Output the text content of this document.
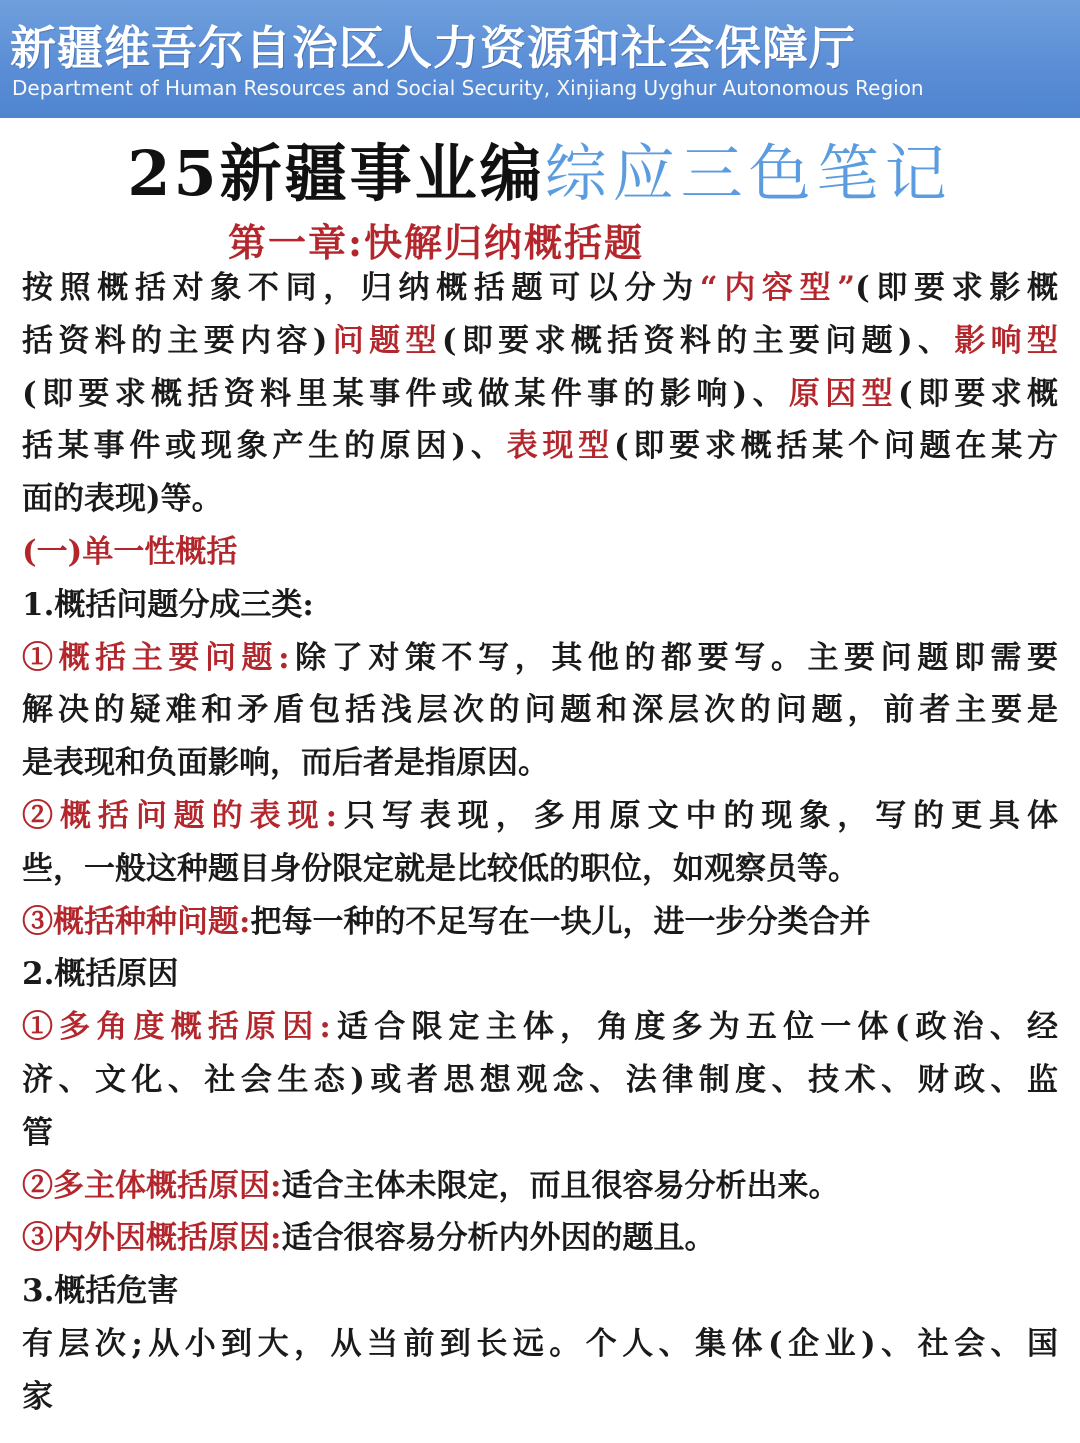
新疆维吾尔自治区人力资源和社会保障厅
Department of Human Resources and Social Security, Xinjiang Uyghur Autonomous Region
25新疆事业编综应三色笔记
第一章:快解归纳概括题

按照概括对象不同，归纳概括题可以分为“内容型”(即要求影概

括资料的主要内容)问题型(即要求概括资料的主要问题)、影响型

(即要求概括资料里某事件或做某件事的影响)、原因型(即要求概

括某事件或现象产生的原因)、表现型(即要求概括某个问题在某方

面的表现)等。

(一)单一性概括

1.概括问题分成三类:

①概括主要问题:除了对策不写，其他的都要写。主要问题即需要

解决的疑难和矛盾包括浅层次的问题和深层次的问题，前者主要是

是表现和负面影响，而后者是指原因。

②概括问题的表现:只写表现，多用原文中的现象，写的更具体

些，一般这种题目身份限定就是比较低的职位，如观察员等。

③概括种种问题:把每一种的不足写在一块儿，进一步分类合并

2.概括原因

①多角度概括原因:适合限定主体，角度多为五位一体(政治、经

济、文化、社会生态)或者思想观念、法律制度、技术、财政、监

管

②多主体概括原因:适合主体未限定，而且很容易分析出来。

③内外因概括原因:适合很容易分析内外因的题且。

3.概括危害

有层次;从小到大，从当前到长远。个人、集体(企业)、社会、国

家
